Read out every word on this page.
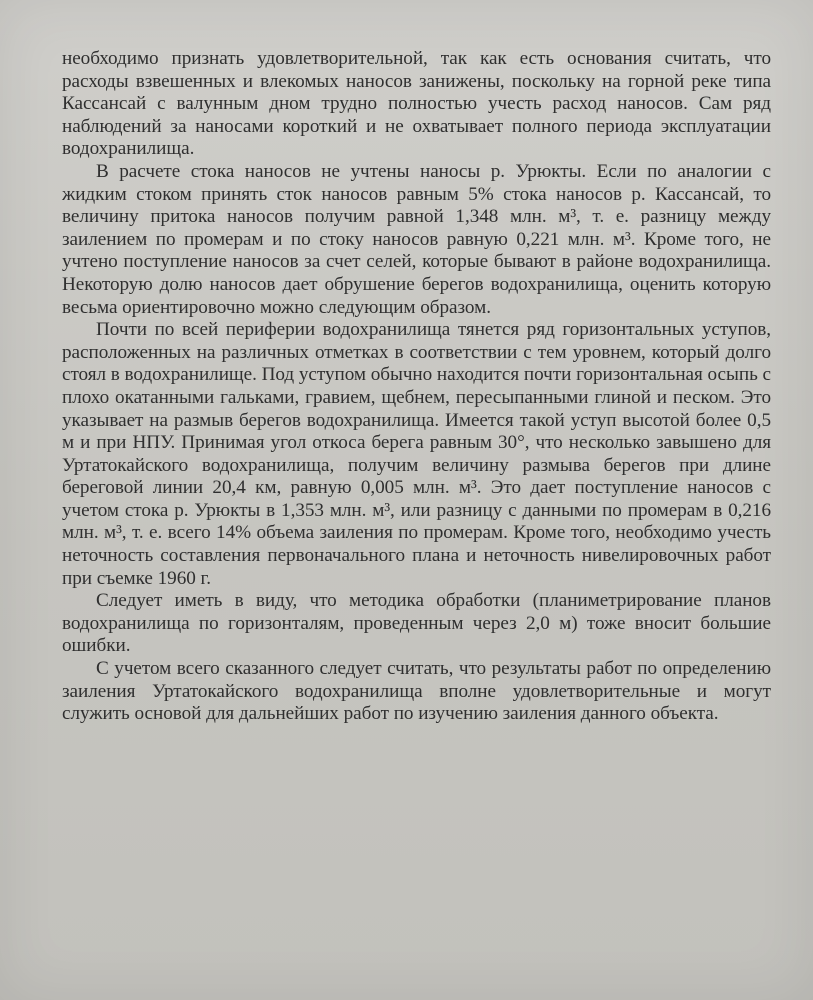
необходимо признать удовлетворительной, так как есть основания считать, что расходы взвешенных и влекомых наносов занижены, поскольку на горной реке типа Кассансай с валунным дном трудно полностью учесть расход наносов. Сам ряд наблюдений за наносами короткий и не охватывает полного периода эксплуатации водохранилища.

В расчете стока наносов не учтены наносы р. Урюкты. Если по аналогии с жидким стоком принять сток наносов равным 5% стока наносов р. Кассансай, то величину притока наносов получим равной 1,348 млн. м³, т. е. разницу между заилением по промерам и по стоку наносов равную 0,221 млн. м³. Кроме того, не учтено поступление наносов за счет селей, которые бывают в районе водохранилища. Некоторую долю наносов дает обрушение берегов водохранилища, оценить которую весьма ориентировочно можно следующим образом.

Почти по всей периферии водохранилища тянется ряд горизонтальных уступов, расположенных на различных отметках в соответствии с тем уровнем, который долго стоял в водохранилище. Под уступом обычно находится почти горизонтальная осыпь с плохо окатанными гальками, гравием, щебнем, пересыпанными глиной и песком. Это указывает на размыв берегов водохранилища. Имеется такой уступ высотой более 0,5 м и при НПУ. Принимая угол откоса берега равным 30°, что несколько завышено для Уртатокайского водохранилища, получим величину размыва берегов при длине береговой линии 20,4 км, равную 0,005 млн. м³. Это дает поступление наносов с учетом стока р. Урюкты в 1,353 млн. м³, или разницу с данными по промерам в 0,216 млн. м³, т. е. всего 14% объема заиления по промерам. Кроме того, необходимо учесть неточность составления первоначального плана и неточность нивелировочных работ при съемке 1960 г.

Следует иметь в виду, что методика обработки (планиметрирование планов водохранилища по горизонталям, проведенным через 2,0 м) тоже вносит большие ошибки.

С учетом всего сказанного следует считать, что результаты работ по определению заиления Уртатокайского водохранилища вполне удовлетворительные и могут служить основой для дальнейших работ по изучению заиления данного объекта.
